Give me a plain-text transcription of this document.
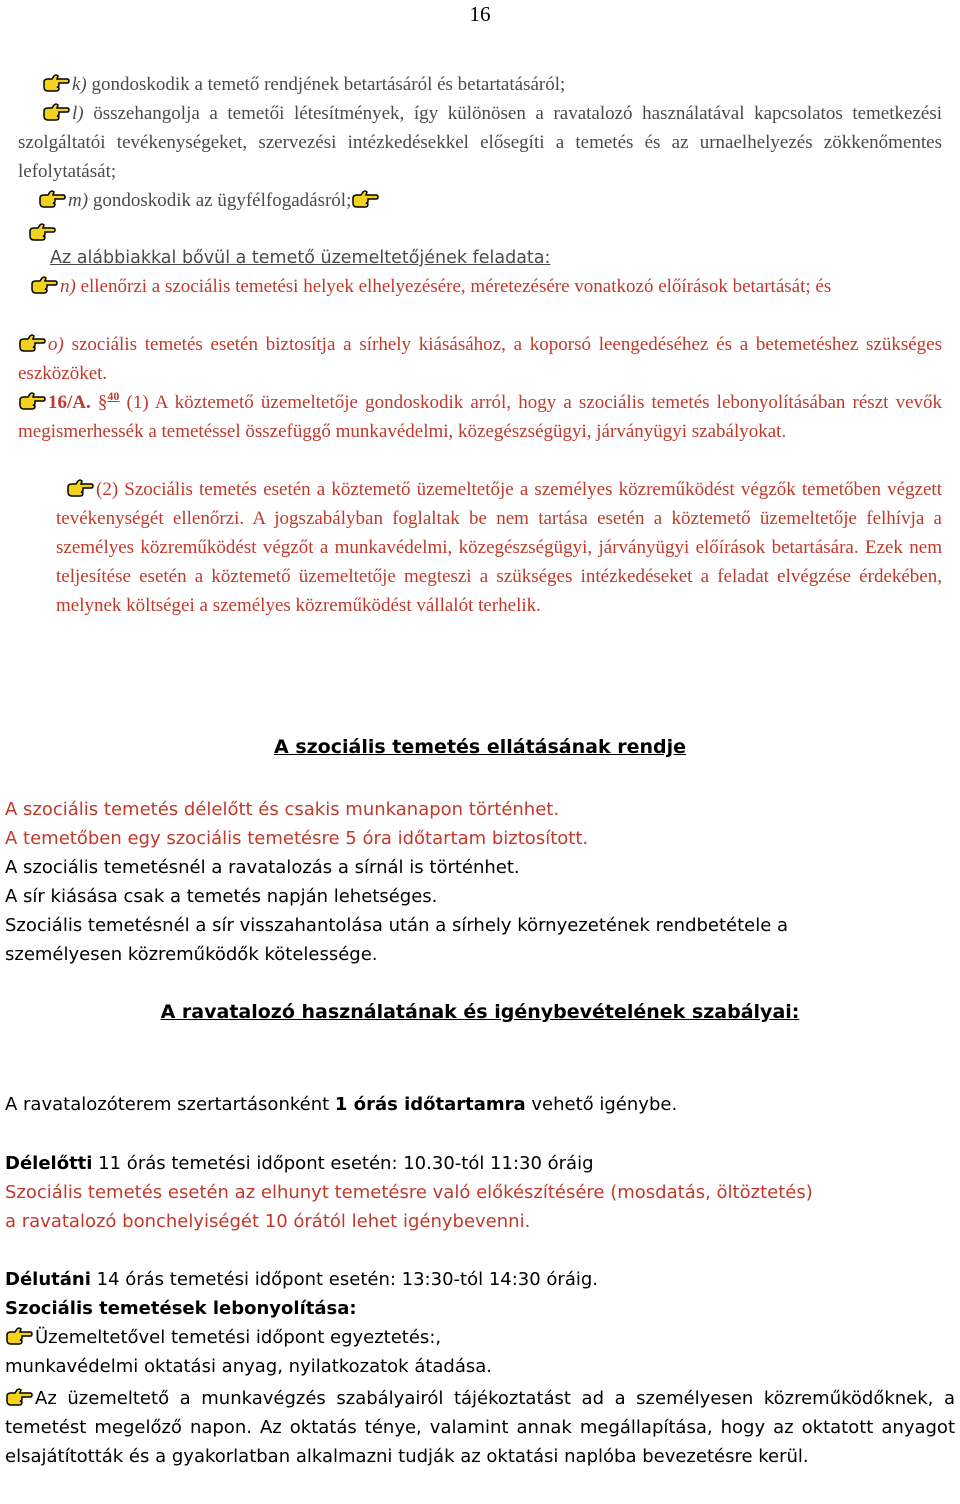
16

k) gondoskodik a temető rendjének betartásáról és betartatásáról;

l) összehangolja a temetői létesítmények, így különösen a ravatalozó használatával kapcsolatos temetkezési szolgáltatói tevékenységeket, szervezési intézkedésekkel elősegíti a temetés és az urnaelhelyezés zökkenőmentes lefolytatását;

m) gondoskodik az ügyfélfogadásról;

Az alábbiakkal bővül a temető üzemeltetőjének feladata:

n) ellenőrzi a szociális temetési helyek elhelyezésére, méretezésére vonatkozó előírások betartását; és

o) szociális temetés esetén biztosítja a sírhely kiásásához, a koporsó leengedéséhez és a betemetéshez szükséges eszközöket.

16/A. §$^{40}$ (1) A köztemető üzemeltetője gondoskodik arról, hogy a szociális temetés lebonyolításában részt vevők megismerhessék a temetéssel összefüggő munkavédelmi, közegészségügyi, járványügyi szabályokat.

(2) Szociális temetés esetén a köztemető üzemeltetője a személyes közreműködést végzők temetőben végzett tevékenységét ellenőrzi. A jogszabályban foglaltak be nem tartása esetén a köztemető üzemeltetője felhívja a személyes közreműködést végzőt a munkavédelmi, közegészségügyi, járványügyi előírások betartására. Ezek nem teljesítése esetén a köztemető üzemeltetője megteszi a szükséges intézkedéseket a feladat elvégzése érdekében, melynek költségei a személyes közreműködést vállalót terhelik.

A szociális temetés ellátásának rendje
A szociális temetés délelőtt és csakis munkanapon történhet.
A temetőben egy szociális temetésre 5 óra időtartam biztosított.
A szociális temetésnél a ravatalozás a sírnál is történhet.
A sír kiásása csak a temetés napján lehetséges.
Szociális temetésnél a sír visszahantolása után a sírhely környezetének rendbetétele a
személyesen közreműködők kötelessége.
A ravatalozó használatának és igénybevételének szabályai:

A ravatalozóterem szertartásonként 1 órás időtartamra vehető igénybe.

Délelőtti 11 órás temetési időpont esetén: 10.30-tól 11:30 óráig
Szociális temetés esetén az elhunyt temetésre való előkészítésére (mosdatás, öltöztetés)
a ravatalozó bonchelyiségét 10 órától lehet igénybevenni.

Délutáni 14 órás temetési időpont esetén: 13:30-tól 14:30 óráig.

Szociális temetések lebonyolítása:
Üzemeltetővel temetési időpont egyeztetés:,
munkavédelmi oktatási anyag, nyilatkozatok átadása.

Az üzemeltető a munkavégzés szabályairól tájékoztatást ad a személyesen közreműködőknek, a temetést megelőző napon. Az oktatás ténye, valamint annak megállapítása, hogy az oktatott anyagot elsajátították és a gyakorlatban alkalmazni tudják az oktatási naplóba bevezetésre kerül.
